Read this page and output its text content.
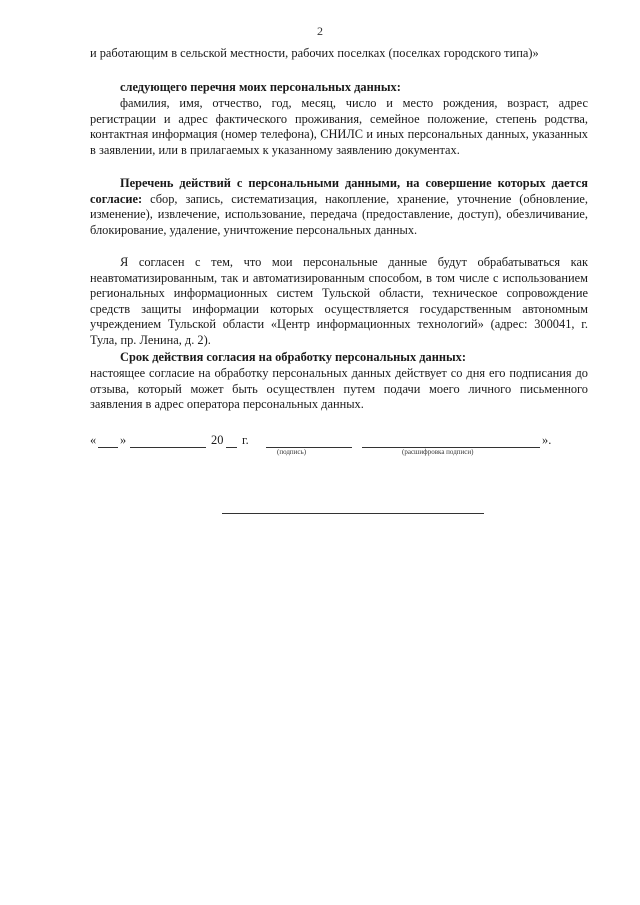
2

и работающим в сельской местности, рабочих поселках (поселках городского типа)»

следующего перечня моих персональных данных:

фамилия, имя, отчество, год, месяц, число и место рождения, возраст, адрес регистрации и адрес фактического проживания, семейное положение, степень родства, контактная информация (номер телефона), СНИЛС и иных персональных данных, указанных в заявлении, или в прилагаемых к указанному заявлению документах.

Перечень действий с персональными данными, на совершение которых дается согласие: сбор, запись, систематизация, накопление, хранение, уточнение (обновление, изменение), извлечение, использование, передача (предоставление, доступ), обезличивание, блокирование, удаление, уничтожение персональных данных.

Я согласен с тем, что мои персональные данные будут обрабатываться как неавтоматизированным, так и автоматизированным способом, в том числе с использованием региональных информационных систем Тульской области, техническое сопровождение средств защиты информации которых осуществляется государственным автономным учреждением Тульской области «Центр информационных технологий» (адрес: 300041, г. Тула, пр. Ленина, д. 2).

Срок действия согласия на обработку персональных данных:

настоящее согласие на обработку персональных данных действует со дня его подписания до отзыва, который может быть осуществлен путем подачи моего личного письменного заявления в адрес оператора персональных данных.

« »	20 г.
(подпись)	(расшифровка подписи)
».
